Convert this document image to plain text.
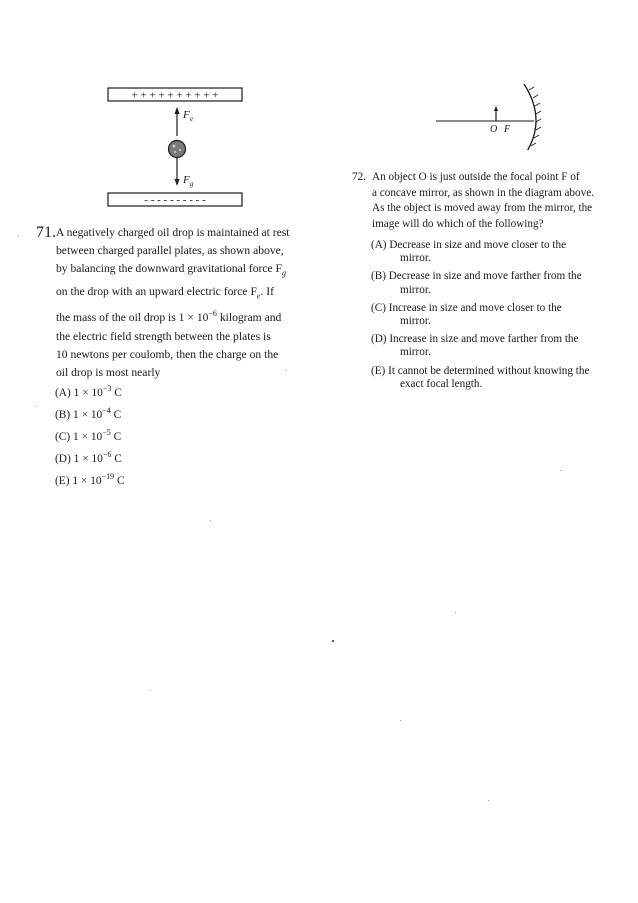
+ + + + + + + + + +
$F_e$
$F_g$
- - - - - - - - - -
O F
71. A negatively charged oil drop is maintained at rest
between charged parallel plates, as shown above,
by balancing the downward gravitational force $F_g$
on the drop with an upward electric force $F_e$. If
the mass of the oil drop is $1 \times 10^{-6}$ kilogram and
the electric field strength between the plates is
10 newtons per coulomb, then the charge on the
oil drop is most nearly
(A) $1 \times 10^{-3}$ C
(B) $1 \times 10^{-4}$ C
(C) $1 \times 10^{-5}$ C
(D) $1 \times 10^{-6}$ C
(E) $1 \times 10^{-19}$ C
72. An object O is just outside the focal point F of
a concave mirror, as shown in the diagram above.
As the object is moved away from the mirror, the
image will do which of the following?
(A) Decrease in size and move closer to the
mirror.
(B) Decrease in size and move farther from the
mirror.
(C) Increase in size and move closer to the
mirror.
(D) Increase in size and move farther from the
mirror.
(E) It cannot be determined without knowing the
exact focal length.
